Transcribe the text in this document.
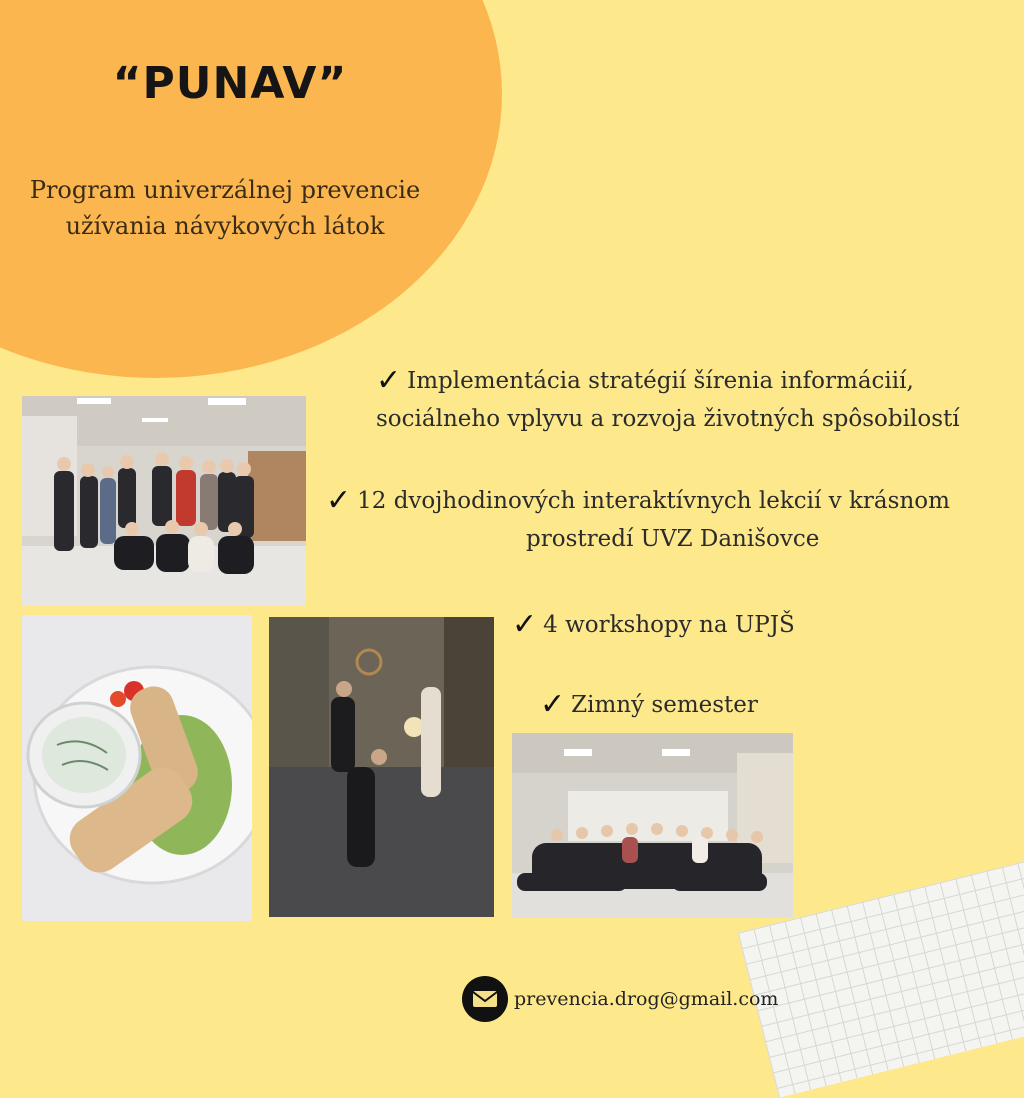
“PUNAV”
Program univerzálnej prevencie
užívania návykových látok
✓ Implementácia stratégií šírenia informáciií,
sociálneho vplyvu a rozvoja životných spôsobilostí
✓ 12 dvojhodinových interaktívnych lekcií v krásnom
prostredí UVZ Danišovce
✓ 4 workshopy na UPJŠ
✓ Zimný semester
prevencia.drog@gmail.com
